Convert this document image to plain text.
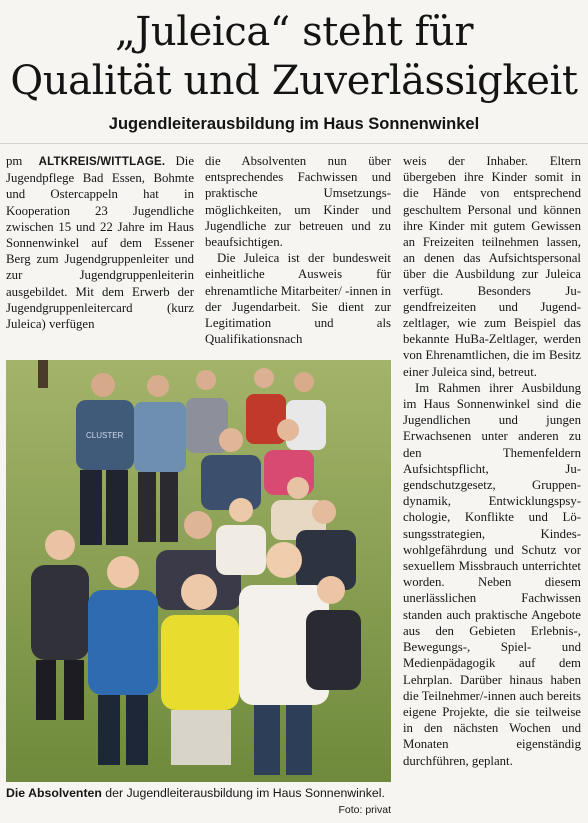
„Juleica“ steht für
Qualität und Zuverlässigkeit
Jugendleiterausbildung im Haus Sonnenwinkel

pm ALTKREIS/WITTLAGE. Die Jugendpflege Bad Essen, Bohmte und Ostercappeln hat in Kooperation 23 Jugendliche zwischen 15 und 22 Jahre im Haus Sonnenwinkel auf dem Essener Berg zum Jugendgruppenleiter und zur Jugendgruppenleiterin ausgebildet. Mit dem Erwerb der Jugendgruppenleitercard (kurz Juleica) verfügen

die Absolventen nun über entsprechendes Fachwissen und praktische Umsetzungsmöglichkeiten, um Kinder und Jugendliche zur betreuen und zu beaufsichtigen.

Die Juleica ist der bundesweit einheitliche Ausweis für ehrenamtliche Mitarbeiter/ -innen in der Jugendarbeit. Sie dient zur Legitimation und als Qualifikationsnach

weis der Inhaber. Eltern übergeben ihre Kinder somit in die Hände von entsprechend geschultem Personal und können ihre Kinder mit gutem Gewissen an Freizeiten teilnehmen lassen, an denen das Aufsichtspersonal über die Ausbildung zur Juleica verfügt. Besonders Jugendfreizeiten und Jugendzeltlager, wie zum Beispiel das bekannte HuBa-Zeltlager, werden von Ehrenamtlichen, die im Besitz einer Juleica sind, betreut.

Im Rahmen ihrer Ausbildung im Haus Sonnenwinkel sind die Jugendlichen und jungen Erwachsenen unter anderen zu den Themenfeldern Aufsichtspflicht, Jugendschutzgesetz, Gruppendynamik, Entwicklungspsychologie, Konflikte und Lösungsstrategien, Kindeswohlgefährdung und Schutz vor sexuellem Missbrauch unterrichtet worden. Neben diesem unerlässlichen Fachwissen standen auch praktische Angebote aus den Gebieten Erlebnis-, Bewegungs-, Spiel- und Medienpädagogik auf dem Lehrplan. Darüber hinaus haben die Teilnehmer/-innen auch bereits eigene Projekte, die sie teilweise in den nächsten Wochen und Monaten eigenständig durchführen, geplant.

CLUSTER
Die Absolventen der Jugendleiterausbildung im Haus Sonnenwinkel.
Foto: privat
